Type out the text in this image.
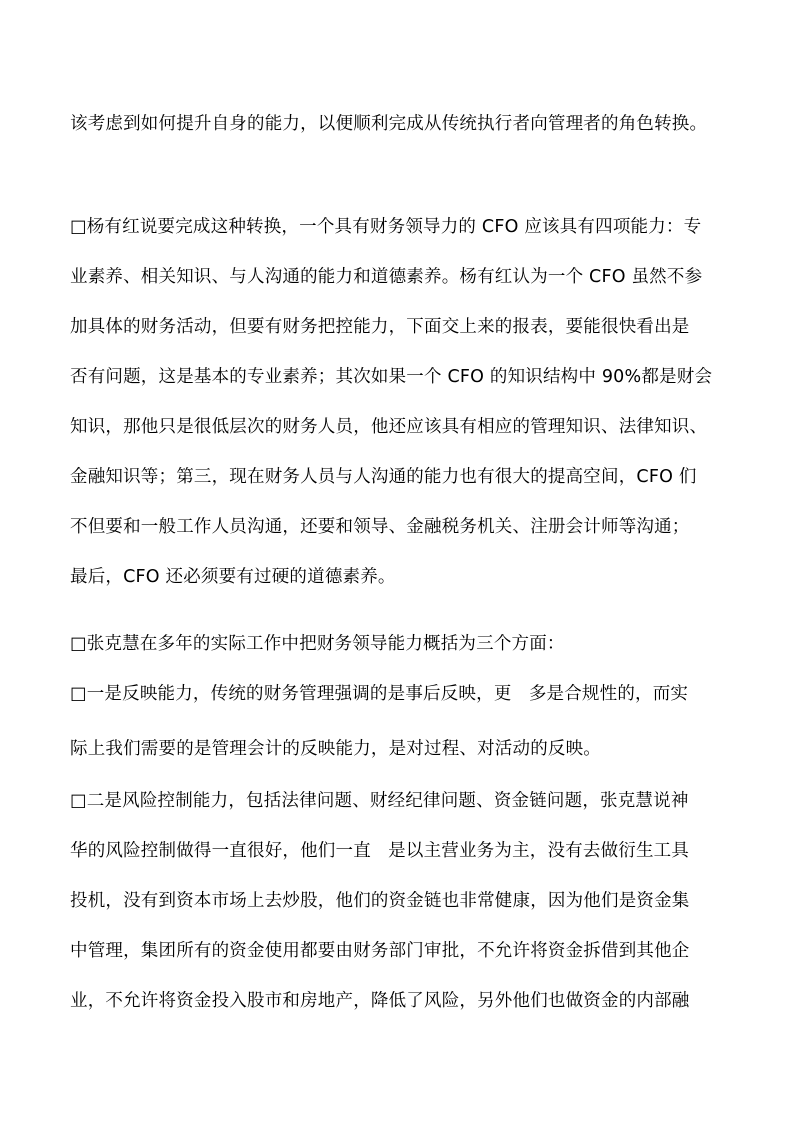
该考虑到如何提升自身的能力，以便顺利完成从传统执行者向管理者的角色转换。
□杨有红说要完成这种转换，一个具有财务领导力的 CFO 应该具有四项能力：专
业素养、相关知识、与人沟通的能力和道德素养。杨有红认为一个 CFO 虽然不参
加具体的财务活动，但要有财务把控能力，下面交上来的报表，要能很快看出是
否有问题，这是基本的专业素养；其次如果一个 CFO 的知识结构中 90%都是财会
知识，那他只是很低层次的财务人员，他还应该具有相应的管理知识、法律知识、
金融知识等；第三，现在财务人员与人沟通的能力也有很大的提高空间，CFO 们
不但要和一般工作人员沟通，还要和领导、金融税务机关、注册会计师等沟通；
最后，CFO 还必须要有过硬的道德素养。
□张克慧在多年的实际工作中把财务领导能力概括为三个方面：
□一是反映能力，传统的财务管理强调的是事后反映，更   多是合规性的，而实
际上我们需要的是管理会计的反映能力，是对过程、对活动的反映。
□二是风险控制能力，包括法律问题、财经纪律问题、资金链问题，张克慧说神
华的风险控制做得一直很好，他们一直   是以主营业务为主，没有去做衍生工具
投机，没有到资本市场上去炒股，他们的资金链也非常健康，因为他们是资金集
中管理，集团所有的资金使用都要由财务部门审批，不允许将资金拆借到其他企
业，不允许将资金投入股市和房地产，降低了风险，另外他们也做资金的内部融
